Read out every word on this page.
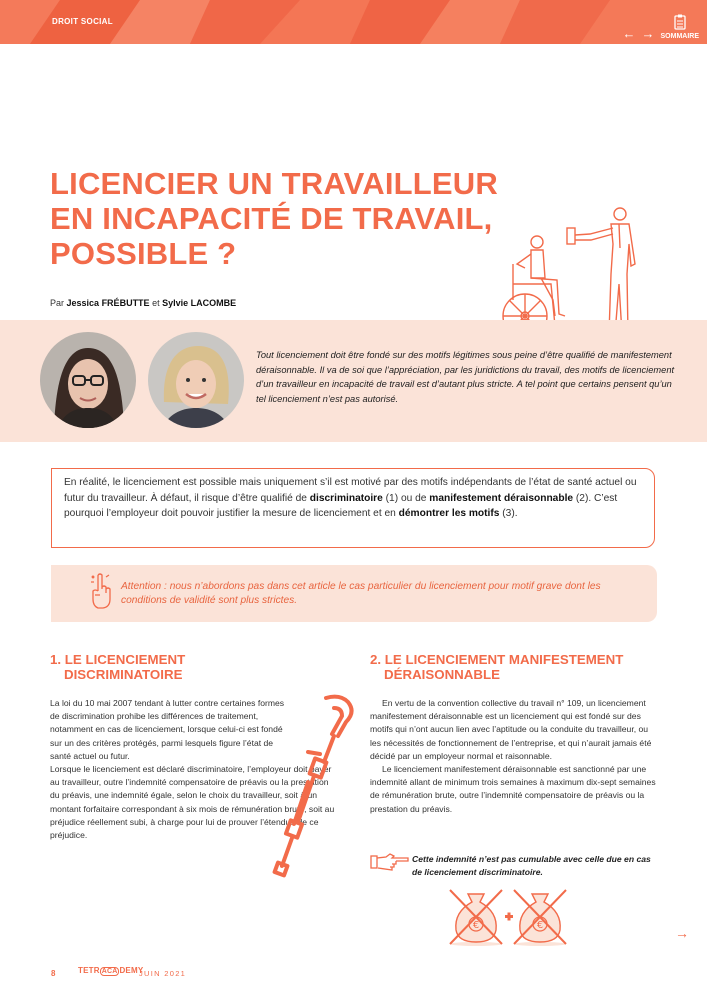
DROIT SOCIAL
← → SOMMAIRE
LICENCIER UN TRAVAILLEUR
EN INCAPACITÉ DE TRAVAIL,
POSSIBLE ?
Par Jessica FRÉBUTTE et Sylvie LACOMBE
Tout licenciement doit être fondé sur des motifs légitimes sous peine d’être qualifié de manifestement déraisonnable. Il va de soi que l’appréciation, par les juridictions du travail, des motifs de licenciement d’un travailleur en incapacité de travail est d’autant plus stricte. A tel point que certains pensent qu’un tel licenciement n’est pas autorisé.
En réalité, le licenciement est possible mais uniquement s’il est motivé par des motifs indépendants de l’état de santé actuel ou futur du travailleur. À défaut, il risque d’être qualifié de discriminatoire (1) ou de manifestement déraisonnable (2). C’est pourquoi l’employeur doit pouvoir justifier la mesure de licenciement et en démontrer les motifs (3).
Attention : nous n’abordons pas dans cet article le cas particulier du licenciement pour motif grave dont les conditions de validité sont plus strictes.
1. LE LICENCIEMENT
DISCRIMINATOIRE

La loi du 10 mai 2007 tendant à lutter contre certaines formes de discrimination prohibe les différences de traitement, notamment en cas de licenciement, lorsque celui-ci est fondé sur un des critères protégés, parmi lesquels figure l’état de santé actuel ou futur.

Lorsque le licenciement est déclaré discriminatoire, l’employeur doit payer au travailleur, outre l’indemnité compensatoire de préavis ou la prestation du préavis, une indemnité égale, selon le choix du travailleur, soit à un montant forfaitaire correspondant à six mois de rémunération brute, soit au préjudice réellement subi, à charge pour lui de prouver l’étendue de ce préjudice.

2. LE LICENCIEMENT MANIFESTEMENT
DÉRAISONNABLE

En vertu de la convention collective du travail n° 109, un licenciement manifestement déraisonnable est un licenciement qui est fondé sur des motifs qui n’ont aucun lien avec l’aptitude ou la conduite du travailleur, ou les nécessités de fonctionnement de l’entreprise, et qui n’aurait jamais été décidé par un employeur normal et raisonnable.

Le licenciement manifestement déraisonnable est sanctionné par une indemnité allant de minimum trois semaines à maximum dix-sept semaines de rémunération brute, outre l’indemnité compensatoire de préavis ou la prestation du préavis.

Cette indemnité n’est pas cumulable avec celle due en cas de licenciement discriminatoire.
€	€	→
8	TETR ACA DEMY
JUIN 2021
